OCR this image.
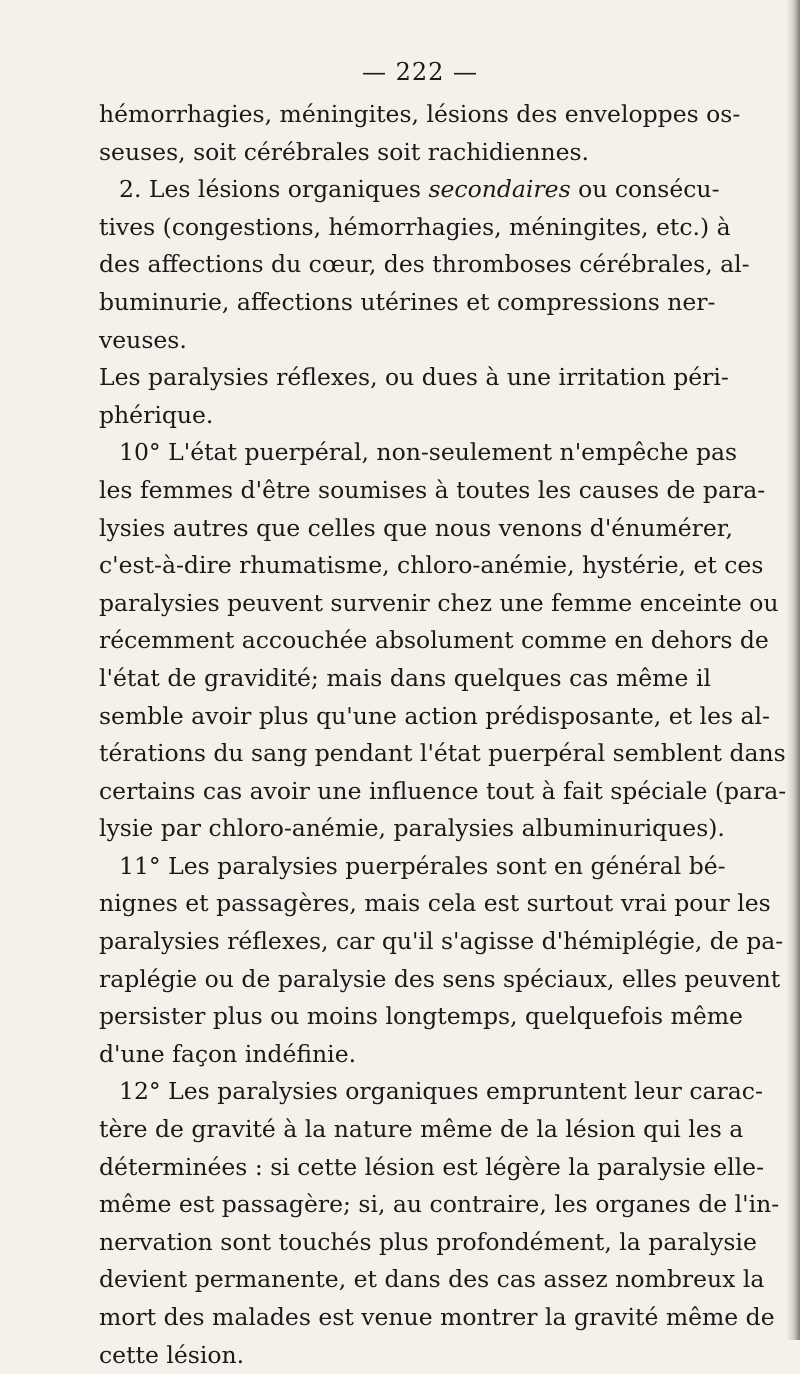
— 222 —
hémorrhagies, méningites, lésions des enveloppes os-
seuses, soit cérébrales soit rachidiennes.
2. Les lésions organiques secondaires ou consécu-
tives (congestions, hémorrhagies, méningites, etc.) à
des affections du cœur, des thromboses cérébrales, al-
buminurie, affections utérines et compressions ner-
veuses.
Les paralysies réflexes, ou dues à une irritation péri-
phérique.
10° L'état puerpéral, non-seulement n'empêche pas
les femmes d'être soumises à toutes les causes de para-
lysies autres que celles que nous venons d'énumérer,
c'est-à-dire rhumatisme, chloro-anémie, hystérie, et ces
paralysies peuvent survenir chez une femme enceinte ou
récemment accouchée absolument comme en dehors de
l'état de gravidité; mais dans quelques cas même il
semble avoir plus qu'une action prédisposante, et les al-
térations du sang pendant l'état puerpéral semblent dans
certains cas avoir une influence tout à fait spéciale (para-
lysie par chloro-anémie, paralysies albuminuriques).
11° Les paralysies puerpérales sont en général bé-
nignes et passagères, mais cela est surtout vrai pour les
paralysies réflexes, car qu'il s'agisse d'hémiplégie, de pa-
raplégie ou de paralysie des sens spéciaux, elles peuvent
persister plus ou moins longtemps, quelquefois même
d'une façon indéfinie.
12° Les paralysies organiques empruntent leur carac-
tère de gravité à la nature même de la lésion qui les a
déterminées : si cette lésion est légère la paralysie elle-
même est passagère; si, au contraire, les organes de l'in-
nervation sont touchés plus profondément, la paralysie
devient permanente, et dans des cas assez nombreux la
mort des malades est venue montrer la gravité même de
cette lésion.
